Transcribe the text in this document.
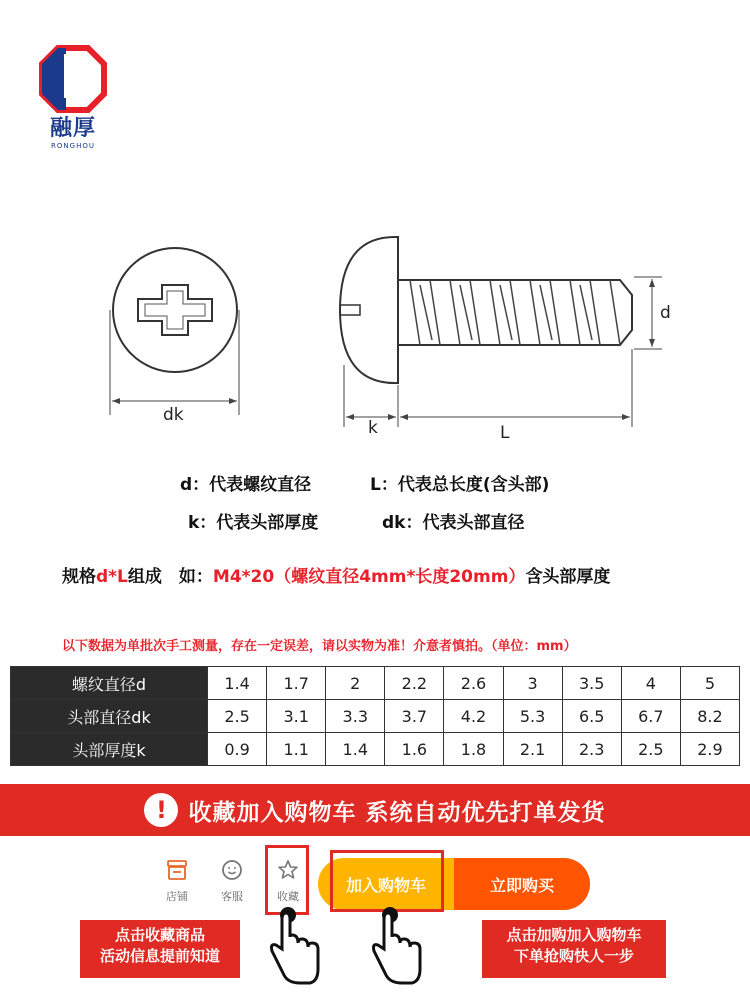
融厚
RONGHOU
dk
k	L
d
d：代表螺纹直径	L：代表总长度(含头部)
k：代表头部厚度	dk：代表头部直径
规格d*L组成　如：M4*20（螺纹直径4mm*长度20mm）含头部厚度
以下数据为单批次手工测量，存在一定误差，请以实物为准！介意者慎拍。（单位：mm）
螺纹直径d	1.4	1.7	2	2.2	2.6	3	3.5	4	5
头部直径dk	2.5	3.1	3.3	3.7	4.2	5.3	6.5	6.7	8.2
头部厚度k	0.9	1.1	1.4	1.6	1.8	2.1	2.3	2.5	2.9
! 收藏加入购物车 系统自动优先打单发货
店铺	客服	收藏
加入购物车	立即购买
点击收藏商品
活动信息提前知道
点击加购加入购物车
下单抢购快人一步
